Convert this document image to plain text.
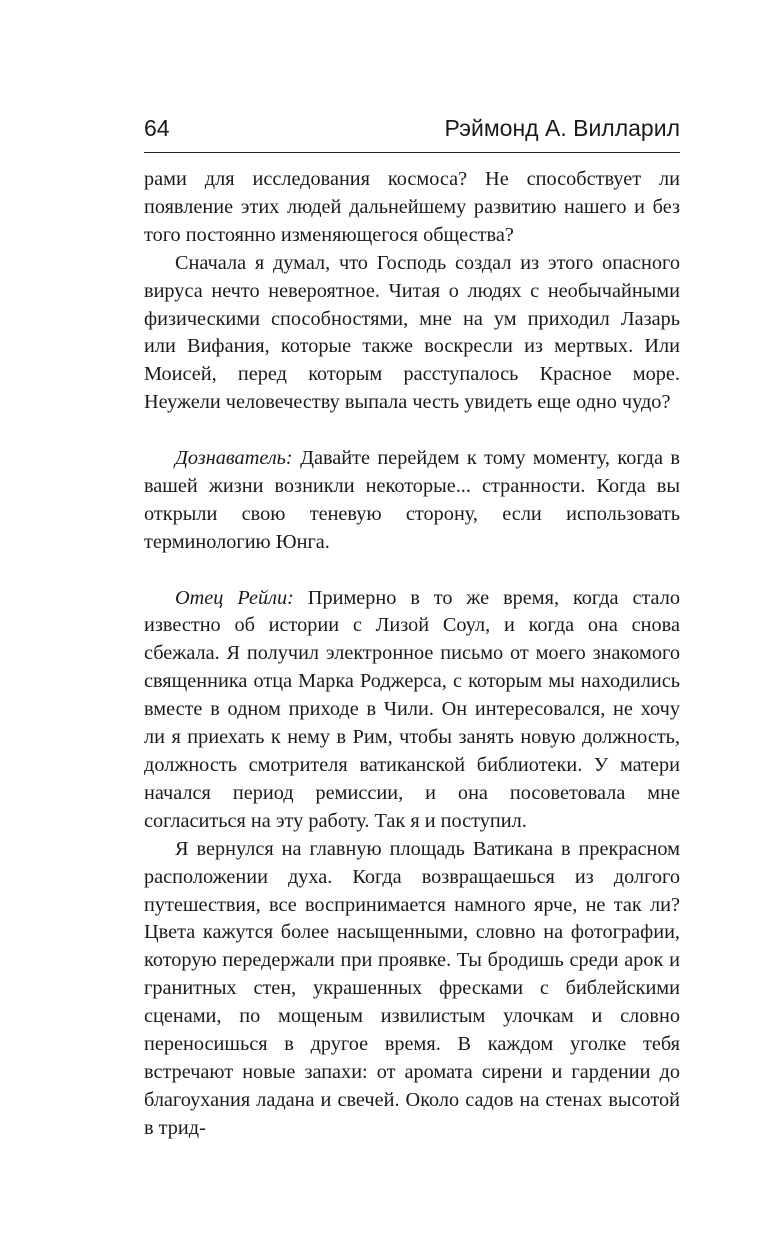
64	Рэймонд А. Вилларил

рами для исследования космоса? Не способствует ли появление этих людей дальнейшему развитию нашего и без того постоянно изменяющегося общества?

Сначала я думал, что Господь создал из этого опасного вируса нечто невероятное. Читая о людях с необычайными физическими способностями, мне на ум приходил Лазарь или Вифания, которые также воскресли из мертвых. Или Моисей, перед которым расступалось Красное море. Неужели человечеству выпала честь увидеть еще одно чудо?

Дознаватель: Давайте перейдем к тому моменту, когда в вашей жизни возникли некоторые... странности. Когда вы открыли свою теневую сторону, если использовать терминологию Юнга.

Отец Рейли: Примерно в то же время, когда стало известно об истории с Лизой Соул, и когда она снова сбежала. Я получил электронное письмо от моего знакомого священника отца Марка Роджерса, с которым мы находились вместе в одном приходе в Чили. Он интересовался, не хочу ли я приехать к нему в Рим, чтобы занять новую должность, должность смотрителя ватиканской библиотеки. У матери начался период ремиссии, и она посоветовала мне согласиться на эту работу. Так я и поступил.

Я вернулся на главную площадь Ватикана в прекрасном расположении духа. Когда возвращаешься из долгого путешествия, все воспринимается намного ярче, не так ли? Цвета кажутся более насыщенными, словно на фотографии, которую передержали при проявке. Ты бродишь среди арок и гранитных стен, украшенных фресками с библейскими сценами, по мощеным извилистым улочкам и словно переносишься в другое время. В каждом уголке тебя встречают новые запахи: от аромата сирени и гардении до благоухания ладана и свечей. Около садов на стенах высотой в трид-
